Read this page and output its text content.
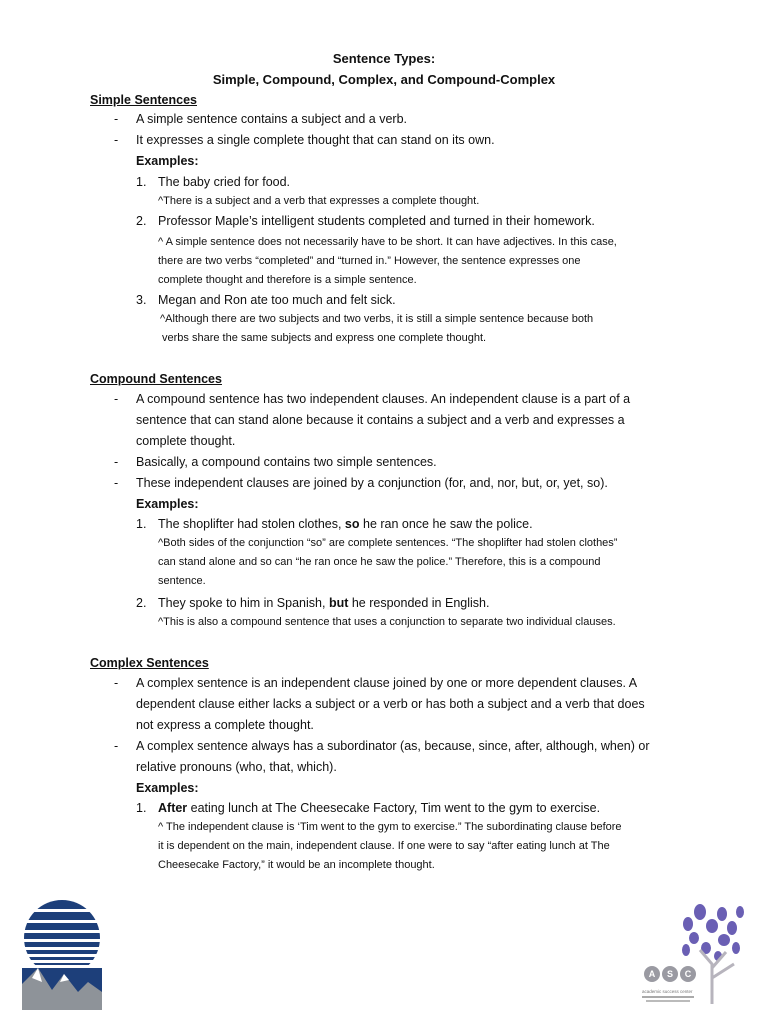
Sentence Types:
Simple, Compound, Complex, and Compound-Complex
Simple Sentences
- A simple sentence contains a subject and a verb.
- It expresses a single complete thought that can stand on its own.
Examples:
1. The baby cried for food.
^There is a subject and a verb that expresses a complete thought.
2. Professor Maple’s intelligent students completed and turned in their homework.
^ A simple sentence does not necessarily have to be short. It can have adjectives. In this case,
there are two verbs “completed” and “turned in.” However, the sentence expresses one
complete thought and therefore is a simple sentence.
3. Megan and Ron ate too much and felt sick.
^Although there are two subjects and two verbs, it is still a simple sentence because both
verbs share the same subjects and express one complete thought.
Compound Sentences
- A compound sentence has two independent clauses. An independent clause is a part of a
sentence that can stand alone because it contains a subject and a verb and expresses a
complete thought.
- Basically, a compound contains two simple sentences.
- These independent clauses are joined by a conjunction (for, and, nor, but, or, yet, so).
Examples:
1. The shoplifter had stolen clothes, so he ran once he saw the police.
^Both sides of the conjunction “so” are complete sentences. “The shoplifter had stolen clothes”
can stand alone and so can “he ran once he saw the police.” Therefore, this is a compound
sentence.
2. They spoke to him in Spanish, but he responded in English.
^This is also a compound sentence that uses a conjunction to separate two individual clauses.
Complex Sentences
- A complex sentence is an independent clause joined by one or more dependent clauses. A
dependent clause either lacks a subject or a verb or has both a subject and a verb that does
not express a complete thought.
- A complex sentence always has a subordinator (as, because, since, after, although, when) or
relative pronouns (who, that, which).
Examples:
1. After eating lunch at The Cheesecake Factory, Tim went to the gym to exercise.
^ The independent clause is ‘Tim went to the gym to exercise.” The subordinating clause before
it is dependent on the main, independent clause. If one were to say “after eating lunch at The
Cheesecake Factory,” it would be an incomplete thought.
A S C
academic success center
